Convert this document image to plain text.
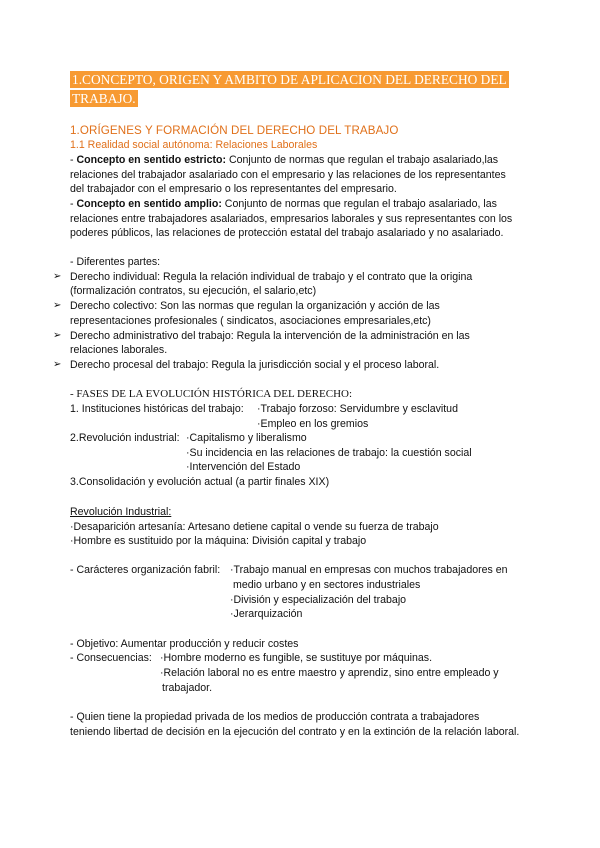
1.CONCEPTO, ORIGEN Y AMBITO DE APLICACION DEL DERECHO DEL
TRABAJO.
1.ORÍGENES Y FORMACIÓN DEL DERECHO DEL TRABAJO
1.1 Realidad social autónoma: Relaciones Laborales
- Concepto en sentido estricto: Conjunto de normas que regulan el trabajo asalariado,las
relaciones del trabajador asalariado con el empresario y las relaciones de los representantes
del trabajador con el empresario o los representantes del empresario.
- Concepto en sentido amplio: Conjunto de normas que regulan el trabajo asalariado, las
relaciones entre trabajadores asalariados, empresarios laborales y sus representantes con los
poderes públicos, las relaciones de protección estatal del trabajo asalariado y no asalariado.
- Diferentes partes:
➢ Derecho individual: Regula la relación individual de trabajo y el contrato que la origina
(formalización contratos, su ejecución, el salario,etc)
➢ Derecho colectivo: Son las normas que regulan la organización y acción de las
representaciones profesionales ( sindicatos, asociaciones empresariales,etc)
➢ Derecho administrativo del trabajo: Regula la intervención de la administración en las
relaciones laborales.
➢ Derecho procesal del trabajo: Regula la jurisdicción social y el proceso laboral.
- FASES DE LA EVOLUCIÓN HISTÓRICA DEL DERECHO:
1. Instituciones históricas del trabajo: ·Trabajo forzoso: Servidumbre y esclavitud
·Empleo en los gremios
2.Revolución industrial: ·Capitalismo y liberalismo
·Su incidencia en las relaciones de trabajo: la cuestión social
·Intervención del Estado
3.Consolidación y evolución actual (a partir finales XIX)
Revolución Industrial:
·Desaparición artesanía: Artesano detiene capital o vende su fuerza de trabajo
·Hombre es sustituido por la máquina: División capital y trabajo
- Carácteres organización fabril: ·Trabajo manual en empresas con muchos trabajadores en
medio urbano y en sectores industriales
·División y especialización del trabajo
·Jerarquización
- Objetivo: Aumentar producción y reducir costes
- Consecuencias: ·Hombre moderno es fungible, se sustituye por máquinas.
·Relación laboral no es entre maestro y aprendiz, sino entre empleado y
trabajador.
- Quien tiene la propiedad privada de los medios de producción contrata a trabajadores
teniendo libertad de decisión en la ejecución del contrato y en la extinción de la relación laboral.
